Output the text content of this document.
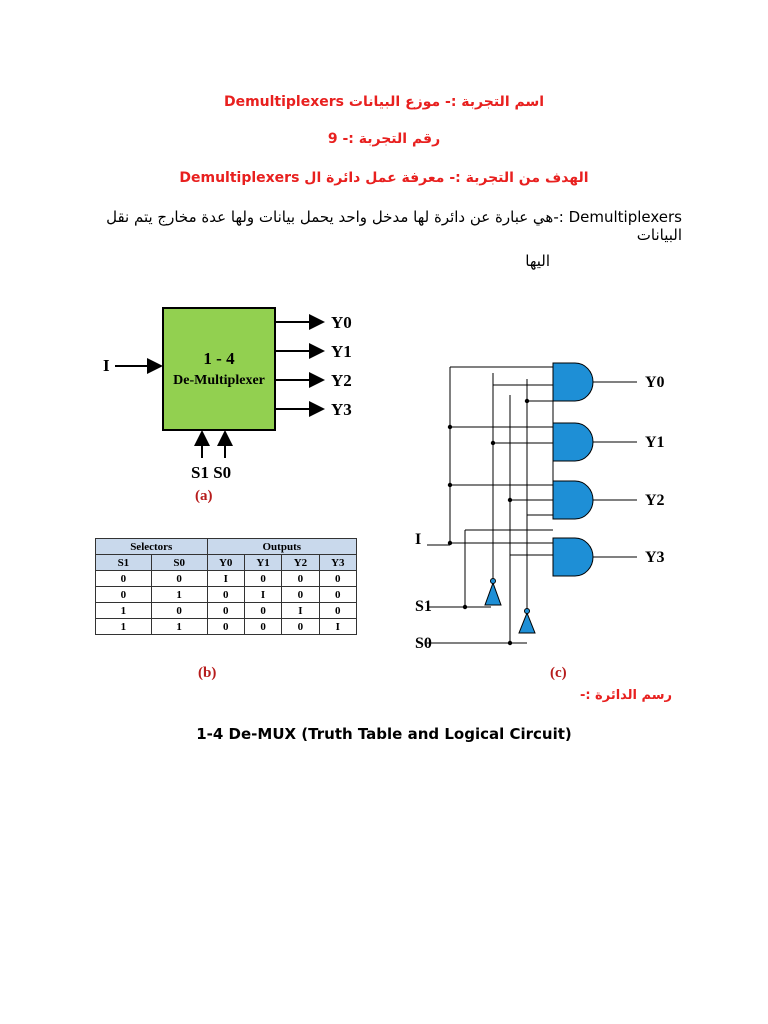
اسم التجربة :- موزع البيانات Demultiplexers
رقم التجربة :- 9
الهدف من التجربة :- معرفة عمل دائرة ال Demultiplexers
Demultiplexers :-هي عبارة عن دائرة لها مدخل واحد يحمل بيانات ولها عدة مخارج يتم نقل البيانات
اليها
1 - 4
De-Multiplexer
I
Y0
Y1
Y2
Y3
S1 S0
(a)
Selectors		Outputs			
S1	S0	Y0	Y1	Y2	Y3
0	0	I	0	0	0
0	1	0	I	0	0
1	0	0	0	I	0
1	1	0	0	0	I
(b)
I
S1
S0
Y0
Y1
Y2
Y3
(c)
رسم الدائرة :-
1-4 De-MUX (Truth Table and Logical Circuit)
